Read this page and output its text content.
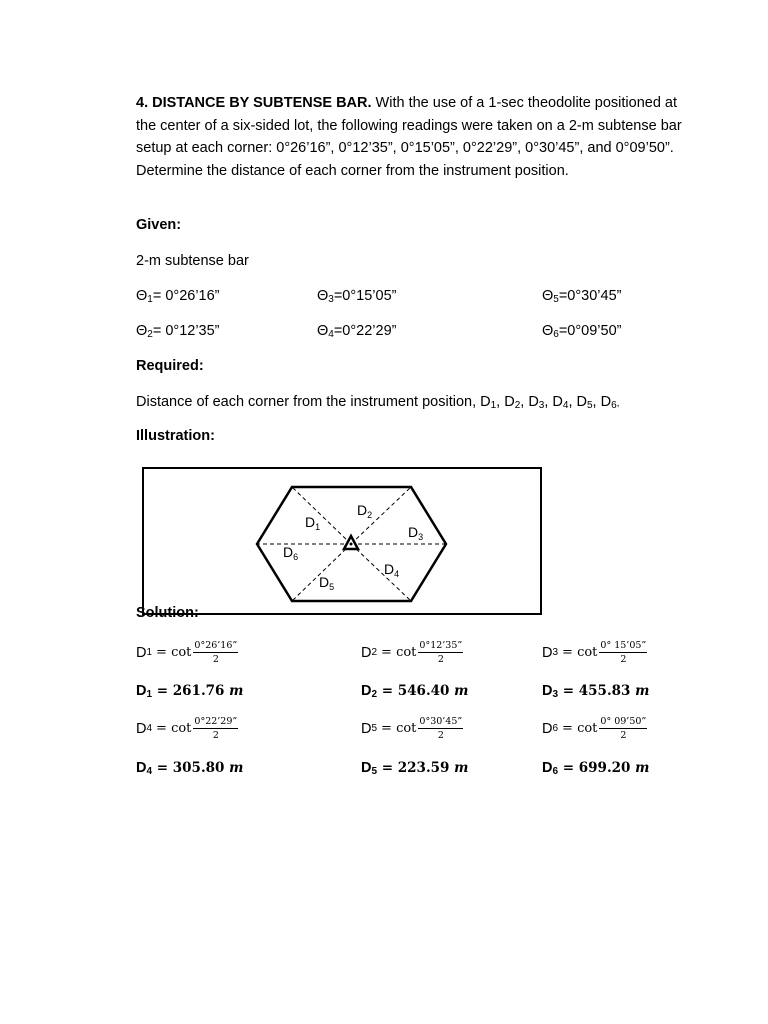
4. DISTANCE BY SUBTENSE BAR. With the use of a 1-sec theodolite positioned at the center of a six-sided lot, the following readings were taken on a 2-m subtense bar setup at each corner: 0°26’16”, 0°12’35”, 0°15’05”, 0°22’29”, 0°30’45”, and 0°09’50”. Determine the distance of each corner from the instrument position.
Given:
2-m subtense bar
$\Theta_1=$ 0°26’16”
$\Theta_2=$ 0°12’35”
$\Theta_3=0^\circ 15’05$”
$\Theta_4=0^\circ 22’29$”
$\Theta_5=0^\circ 30’45$”
$\Theta_6=0^\circ 09’50$”
Required:
Distance of each corner from the instrument position, $D_1$, $D_2$, $D_3$, $D_4$, $D_5$, $D_6$,
Illustration:
$D_1$
$D_2$
$D_3$
$D_4$
$D_5$
$D_6$
Solution:
D $1 = \cot \frac{0^\circ 26’16”}{2}$	D $2 = \cot \frac{0^\circ 12’35”}{2}$	D $3 = \cot \frac{0^\circ 15’05”}{2}$
$D_1 = 261.76$ m	$D_2 = 546.40$ m	$D_3 = 455.83$ m
D $4 = \cot \frac{0^\circ 22’29”}{2}$	D $5 = \cot \frac{0^\circ 30’45”}{2}$	D $6 = \cot \frac{0^\circ 09’50”}{2}$
$D_4 = 305.80$ m	$D_5 = 223.59$ m	$D_6 = 699.20$ m
